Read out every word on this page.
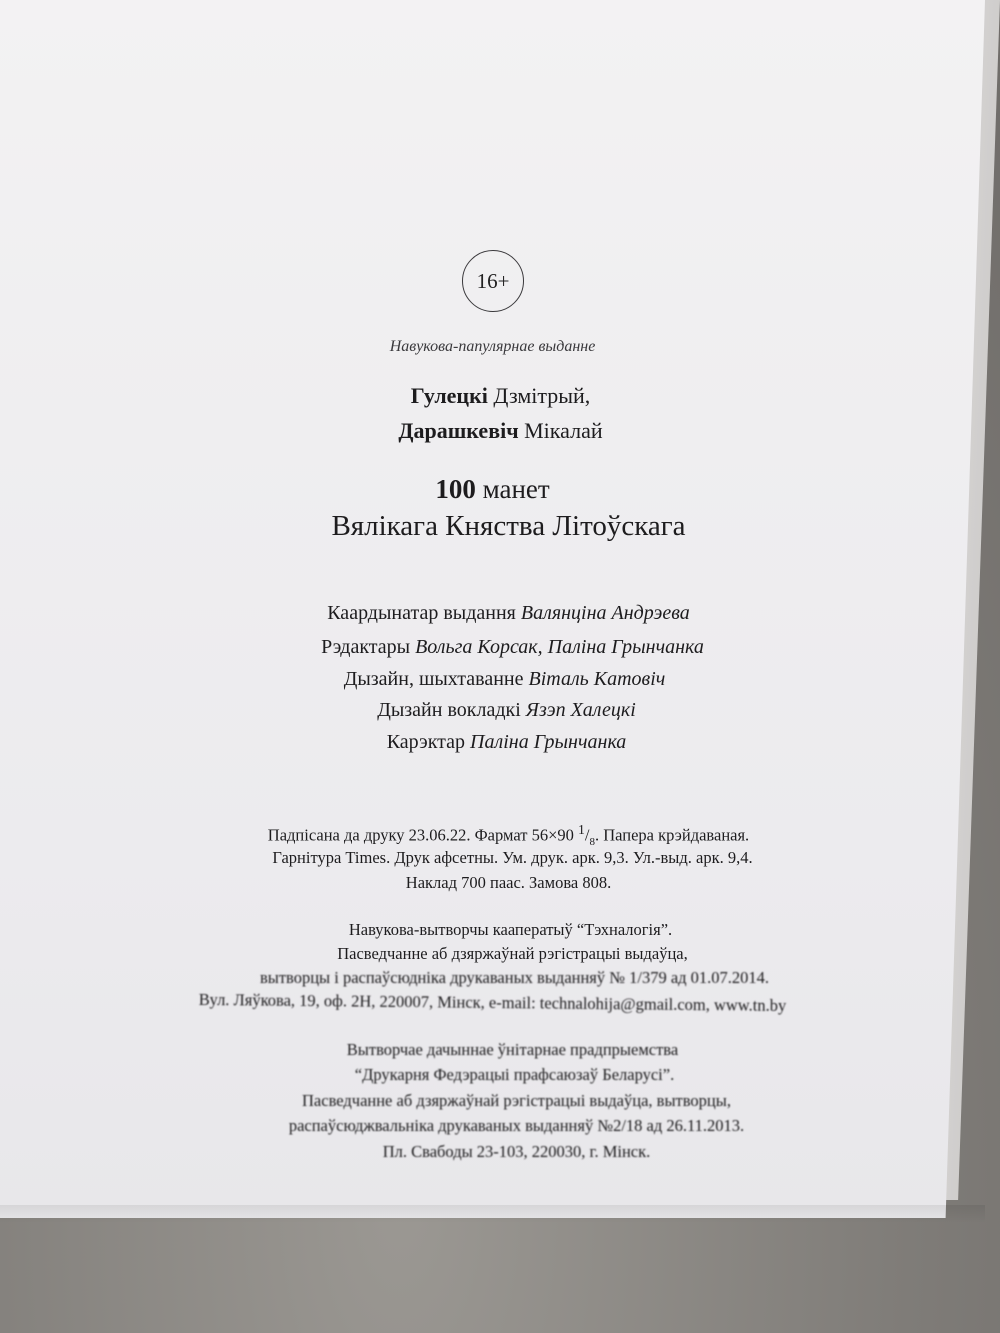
16+
Навукова-папулярнае выданне
Гулецкі Дзмітрый,
Дарашкевіч Мікалай
100 манет
Вялікага Княства Літоўскага
Каардынатар выдання Валянціна Андрэева
Рэдактары Вольга Корсак, Паліна Грынчанка
Дызайн, шыхтаванне Віталь Катовіч
Дызайн вокладкі Язэп Халецкі
Карэктар Паліна Грынчанка
Падпісана да друку 23.06.22. Фармат 56×90 $^1/_8$. Папера крэйдаваная.
Гарнітура Times. Друк афсетны. Ум. друк. арк. 9,3. Ул.-выд. арк. 9,4.
Наклад 700 паас. Замова 808.
Навукова-вытворчы кааператыў “Тэхналогія”.
Пасведчанне аб дзяржаўнай рэгістрацыі выдаўца,
вытворцы і распаўсюдніка друкаваных выданняў № 1/379 ад 01.07.2014.
Вул. Ляўкова, 19, оф. 2Н, 220007, Мінск, e-mail: technalohija@gmail.com, www.tn.by
Вытворчае дачыннае ўнітарнае прадпрыемства
“Друкарня Федэрацыі прафсаюзаў Беларусі”.
Пасведчанне аб дзяржаўнай рэгістрацыі выдаўца, вытворцы,
распаўсюджвальніка друкаваных выданняў №2/18 ад 26.11.2013.
Пл. Свабоды 23-103, 220030, г. Мінск.
